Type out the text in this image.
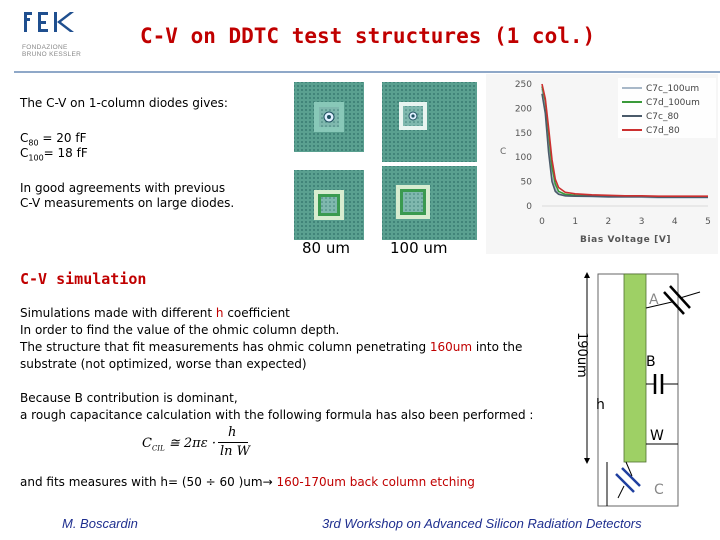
FONDAZIONE
BRUNO KESSLER
C-V on DDTC test structures (1 col.)
The C-V on 1-column diodes gives:
$C_{80} = 20$ fF
$C_{100}= 18$ fF
In good agreements with previous
C-V measurements on large diodes.
80 um	100 um
0
50
100
150
200
250
0	1	2	3	4	5
C7c_100um
C7d_100um
C7c_80
C7d_80
C
Bias Voltage [V]
C-V simulation
Simulations made with different h coefficient
In order to find the value of the ohmic column depth.
The structure that fit measurements has ohmic column penetrating 160um into the
substrate (not optimized, worse than expected)
Because B contribution is dominant,
a rough capacitance calculation with the following formula has also been performed :
$C_{CIL}$ ≅ 2πε ·
h
ln W
and fits measures with h= (50 ÷ 60 )um→ 160-170um back column etching
190um
h
W
A
B
C
M. Boscardin	3rd Workshop on Advanced Silicon Radiation Detectors
